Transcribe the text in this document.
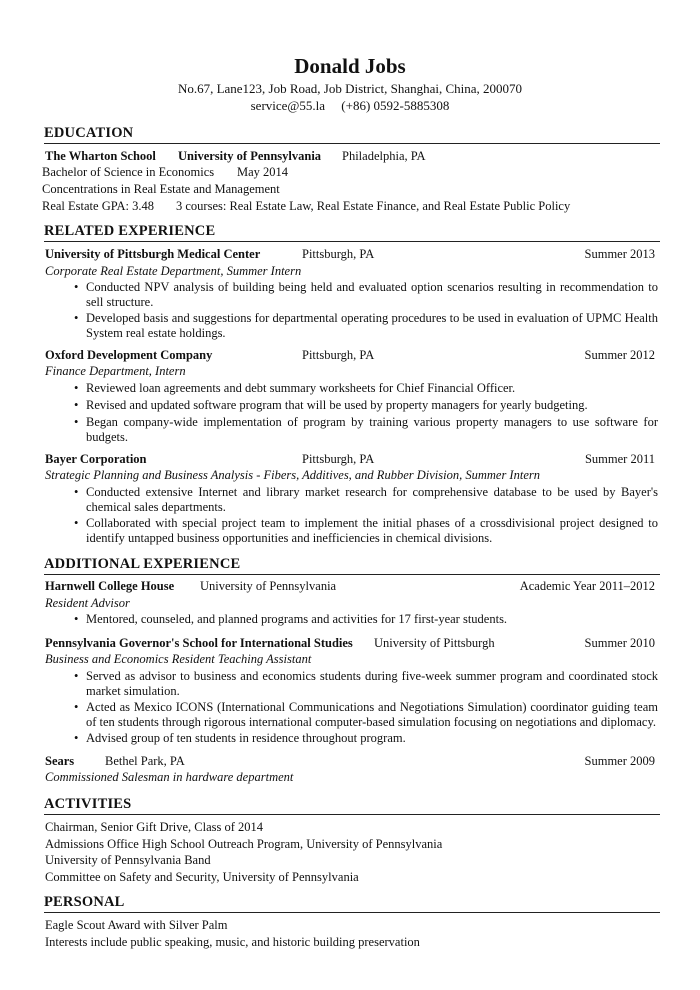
Donald Jobs
No.67, Lane123, Job Road, Job District, Shanghai, China, 200070
service@55.la     (+86) 0592-5885308
EDUCATION
The Wharton School University of Pennsylvania Philadelphia, PA
Bachelor of Science in Economics May 2014
Concentrations in Real Estate and Management
Real Estate GPA: 3.48 3 courses: Real Estate Law, Real Estate Finance, and Real Estate Public Policy
RELATED EXPERIENCE
University of Pittsburgh Medical Center	Pittsburgh, PA	Summer 2013
Corporate Real Estate Department, Summer Intern
• Conducted NPV analysis of building being held and evaluated option scenarios resulting in recommendation to sell structure.
• Developed basis and suggestions for departmental operating procedures to be used in evaluation of UPMC Health System real estate holdings.
Oxford Development Company	Pittsburgh, PA	Summer 2012
Finance Department, Intern
• Reviewed loan agreements and debt summary worksheets for Chief Financial Officer.
• Revised and updated software program that will be used by property managers for yearly budgeting.
• Began company-wide implementation of program by training various property managers to use software for budgets.
Bayer Corporation	Pittsburgh, PA	Summer 2011
Strategic Planning and Business Analysis - Fibers, Additives, and Rubber Division, Summer Intern
• Conducted extensive Internet and library market research for comprehensive database to be used by Bayer's chemical sales departments.
• Collaborated with special project team to implement the initial phases of a crossdivisional project designed to identify untapped business opportunities and inefficiencies in chemical divisions.
ADDITIONAL EXPERIENCE
Harnwell College House University of Pennsylvania	Academic Year 2011–2012
Resident Advisor
• Mentored, counseled, and planned programs and activities for 17 first-year students.
Pennsylvania Governor's School for International Studies University of Pittsburgh	Summer 2010
Business and Economics Resident Teaching Assistant
• Served as advisor to business and economics students during five-week summer program and coordinated stock market simulation.
• Acted as Mexico ICONS (International Communications and Negotiations Simulation) coordinator guiding team of ten students through rigorous international computer-based simulation focusing on negotiations and diplomacy.
• Advised group of ten students in residence throughout program.
Sears Bethel Park, PA	Summer 2009
Commissioned Salesman in hardware department
ACTIVITIES
Chairman, Senior Gift Drive, Class of 2014
Admissions Office High School Outreach Program, University of Pennsylvania
University of Pennsylvania Band
Committee on Safety and Security, University of Pennsylvania
PERSONAL
Eagle Scout Award with Silver Palm
Interests include public speaking, music, and historic building preservation
